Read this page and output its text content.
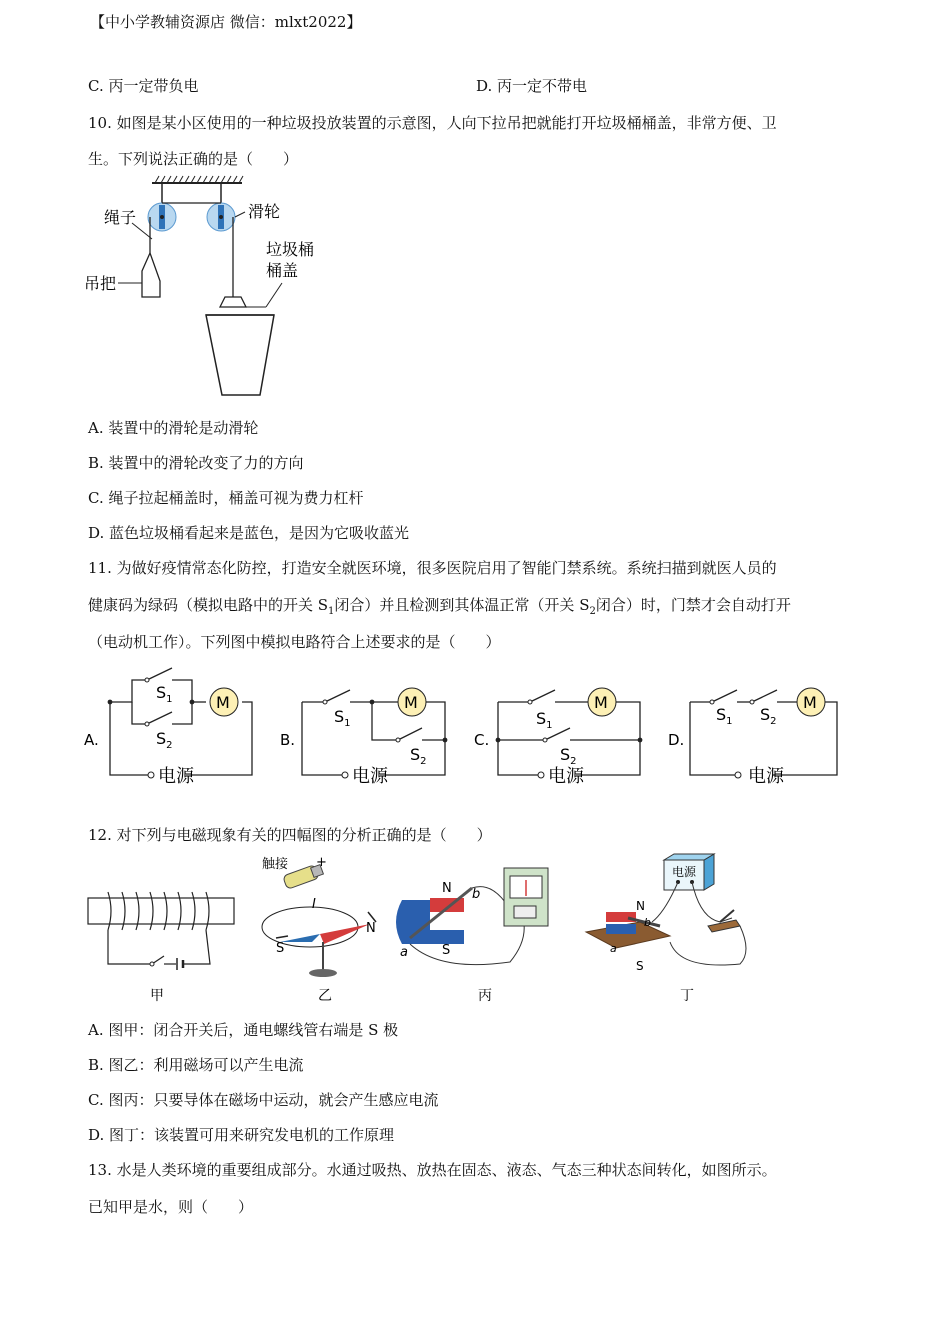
【中小学教辅资源店 微信：mlxt2022】
C. 丙一定带负电	D. 丙一定不带电
10. 如图是某小区使用的一种垃圾投放装置的示意图，人向下拉吊把就能打开垃圾桶桶盖，非常方便、卫
生。下列说法正确的是（　　）
绳子	滑轮
垃圾桶
桶盖
吊把
A. 装置中的滑轮是动滑轮
B. 装置中的滑轮改变了力的方向
C. 绳子拉起桶盖时，桶盖可视为费力杠杆
D. 蓝色垃圾桶看起来是蓝色，是因为它吸收蓝光
11. 为做好疫情常态化防控，打造安全就医环境，很多医院启用了智能门禁系统。系统扫描到就医人员的
健康码为绿码（模拟电路中的开关 $S_1$闭合）并且检测到其体温正常（开关 $S_2$闭合）时，门禁才会自动打开
（电动机工作）。下列图中模拟电路符合上述要求的是（　　）
A.
M
电源
$S_1$
$S_2$	B.
M
电源
$S_1$
$S_2$
C.
M
电源
$S_1$
$S_2$
D.
M
电源
$S_1$ $S_2$
12. 对下列与电磁现象有关的四幅图的分析正确的是（　　）
甲
触接 +
I
S
N
乙
N b
S
a
丙
电源
N
b
a
S
丁
A. 图甲：闭合开关后，通电螺线管右端是 S 极
B. 图乙：利用磁场可以产生电流
C. 图丙：只要导体在磁场中运动，就会产生感应电流
D. 图丁：该装置可用来研究发电机的工作原理
13. 水是人类环境的重要组成部分。水通过吸热、放热在固态、液态、气态三种状态间转化，如图所示。
已知甲是水，则（　　）
